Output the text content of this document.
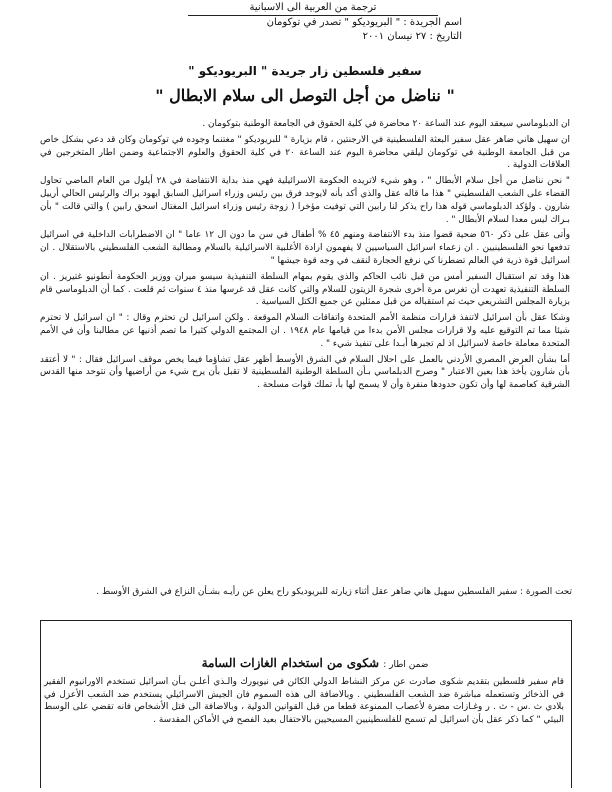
ترجمة من العربية الى الاسبانية
اسم الجريدة : " البريوديكو " تصدر في توكومان
التاريخ : ٢٧ نيسان ٢٠٠١
سفير فلسطين زار جريدة " البريوديكو "
" نناضل من أجل التوصل الى سلام الابطال "

ان الدبلوماسي سيعقد اليوم عند الساعة ٢٠ محاضرة في كلية الحقوق في الجامعة الوطنية بتوكومان .

ان سهيل هاني ضاهر عقل سفير البعثة الفلسطينية في الارجنتين ، قام بزيارة " للبريوديكو " مغتنما وجوده في توكومان وكان قد دعي بشكل خاص من قبل الجامعة الوطنية في توكومان ليلقي محاضرة اليوم عند الساعة ٢٠ في كلية الحقوق والعلوم الاجتماعية وضمن اطار المتخرجين في العلاقات الدولية .

" نحن نناضل من أجل سلام الأبطال " ، وهو شيء لاتريده الحكومة الاسرائيلية فهي منذ بداية الانتفاضة في ٢٨ أيلول من العام الماضي تحاول القضاء على الشعب الفلسطيني " هذا ما قاله عقل والذي أكد بأنه لايوجد فرق بين رئيس وزراء اسرائيل السابق ايهود براك والرئيس الحالي أرييل شارون . ولؤكد الدبلوماسي قوله هذا راح يذكر لنا رابين التي توفيت مؤخرا ( زوجة رئيس وزراء اسرائيل المغتال اسحق رابين ) والتي قالت " بأن بـراك ليس معدا لسلام الأبطال " .

وأتى عقل على ذكر ٥٦٠ ضحية قضوا منذ بدء الانتفاضة ومنهم ٤٥ % أطفال في سن ما دون ال ١٢ عاما " ان الاضطرابات الداخلية في اسرائيل تدفعها نحو الفلسطينيين . ان زعماء اسرائيل السياسيين لا يفهمون ارادة الأغلبية الاسرائيلية بالسلام ومطالبة الشعب الفلسطيني بالاستقلال . ان اسرائيل قوة ذرية في العالم تضطرنا كي نرفع الحجارة لنقف في وجه قوة جيشها "

هذا وقد تم استقبال السفير أمس من قبل نائب الحاكم والذي يقوم بمهام السلطة التنفيذية سيسو ميران ووزير الحكومة أنطونيو غتيريز . ان السلطة التنفيذية تعهدت أن تغرس مرة أخرى شجرة الزيتون للسلام والتي كانت عقل قد غرسها منذ ٤ سنوات ثم قلعت . كما أن الدبلوماسي قام بزيارة المجلس التشريعي حيث تم استقباله من قبل ممثلين عن جميع الكتل السياسية .

وشكا عقل بأن اسرائيل لاتنفذ قرارات منظمة الأمم المتحدة واتفاقات السلام الموقعة . ولكن اسرائيل لن تحترم وقال : " ان اسرائيل لا تحترم شيئا مما تم التوقيع عليه ولا قرارات مجلس الأمن بدءا من قيامها عام ١٩٤٨ . ان المجتمع الدولي كثيرا ما تصم أذنيها عن مطالبنا وأن في الأمم المتحدة معاملة خاصة لاسرائيل اذ لم تجبرها أبـدا على تنفيذ شيء " .

أما بشأن العرض المصري الأردني بالعمل على احلال السلام في الشرق الأوسط أظهر عقل تشاؤما فيما يخص موقف اسرائيل فقال : " لا أعتقد بأن شارون يأخذ هذا بعين الاعتبار " وصرح الدبلماسي بـأن السلطة الوطنية الفلسطينية لا تقبل بأن يرح شيء من أراضيها وأن نتوحد منها القدس الشرقية كعاصمة لها وأن تكون حدودها منفرة وأن لا يسمح لها بأ، تملك قوات مسلحة .

تحت الصورة : سفير الفلسطين سهيل هاني ضاهر عقل أثناء زيارته للبريوديكو راح يعلن عن رأيـه بشـأن النزاع في الشرق الأوسط .
ضمن اطار : شكوى من استخدام الغازات السامة

قام سفير فلسطين بتقديم شكوى صادرت عن مركز النشاط الدولي الكائن في نيويورك والـذي أعلـن بـأن اسرائيل تستخدم الاورانيوم الفقير في الذخائر وتستعمله مباشرة ضد الشعب الفلسطيني . وبالاضافة الى هذه السموم فان الجيش الاسرائيلي يستخدم ضد الشعب الأعزل في بلادي ث .س - ث . ر وغـازات مضرة لأعصاب الممنوعة قطعا من قبل القوانين الدولية ، وبالاضافة الى قتل الأشخاص فانه تقضي على الوسط البيئي " كما ذكر عقل بأن اسرائيل لم تسمح للفلسطينيين المسيحيين بالاحتفال بعيد الفصح في الأماكن المقدسة .
